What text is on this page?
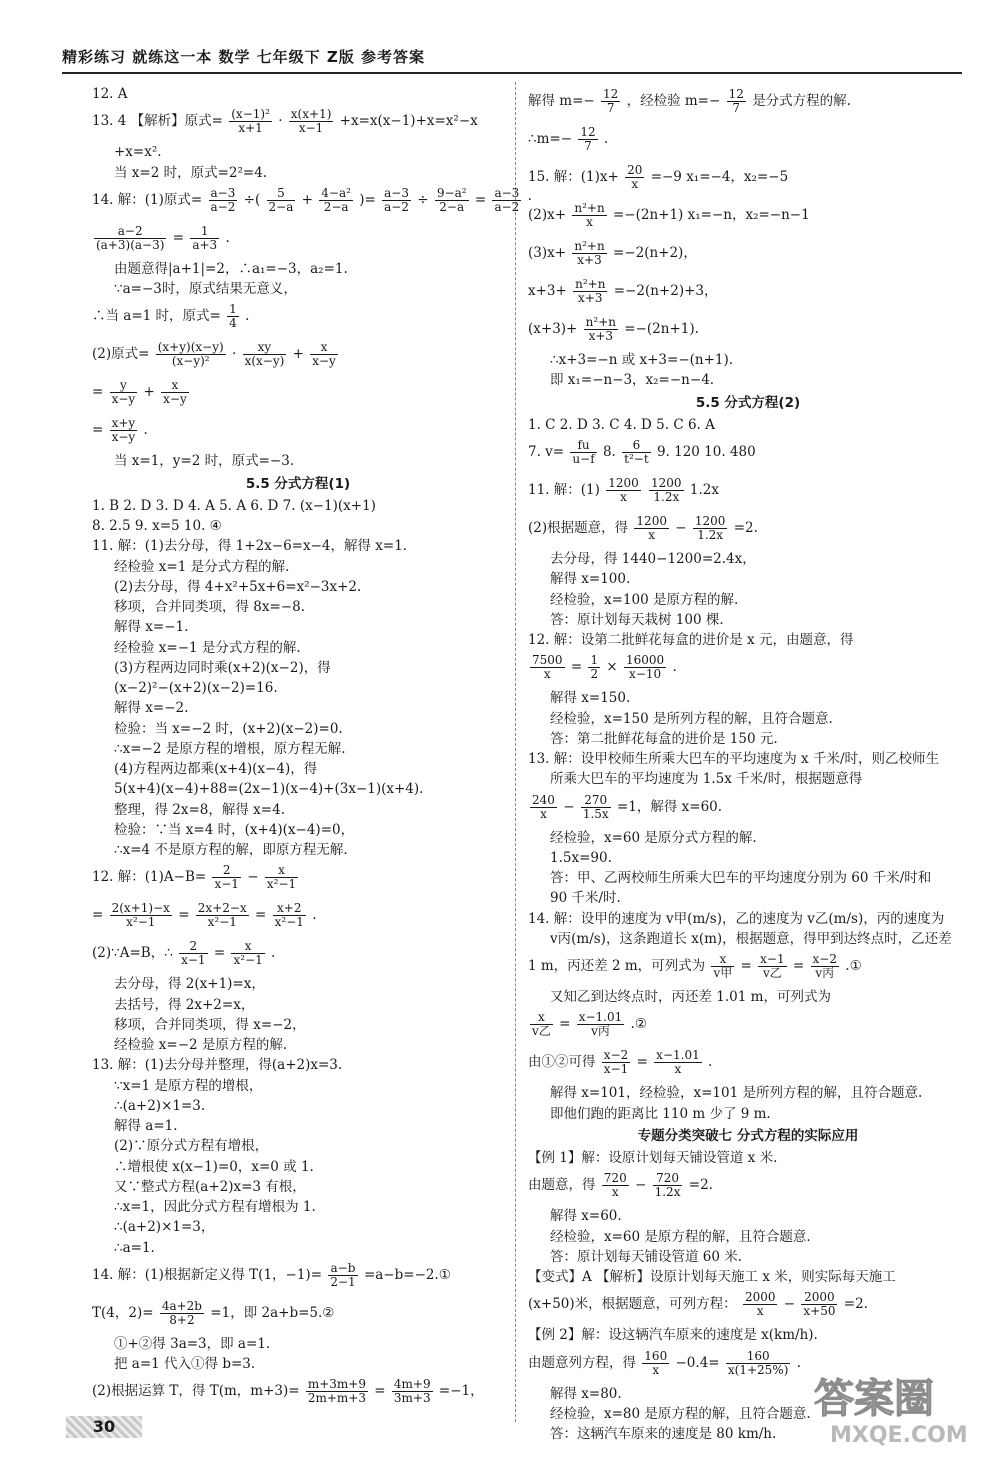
精彩练习 就练这一本 数学 七年级下 Z版 参考答案
12. A
13. 4 【解析】原式= $\frac{\text{(x−1)²}}{x+1} \cdot \frac{x(x+1)}{x-1} +x=x(x-1)+x=x^2-x$
+x=x².
当 x=2 时，原式=2²=4.
14. 解：(1)原式= $\frac{a-3}{a-2}$ ÷( $\frac{5}{2-a} + \frac{\text{4−a²}}{2-a}$ )= $\frac{a-3}{a-2} \div \frac{\text{9−a²}}{2-a} = \frac{a-3}{a-2}$ ·
$\frac{a-2}{(a+3)(a-3)} = \frac{1}{a+3}$ .
由题意得|a+1|=2，∴a₁=−3，a₂=1.
∵a=−3时，原式结果无意义，
∴当 a=1 时，原式= $\frac{1}{4}$ .
(2)原式= $\frac{(x+y)(x-y)}{\text{(x−y)²}} \cdot \frac{xy}{x(x-y)} + \frac{x}{x-y}$
= $\frac{y}{x-y} + \frac{x}{x-y}$
= $\frac{x+y}{x-y}$ .
当 x=1，y=2 时，原式=−3.
5.5 分式方程(1)
1. B 2. D 3. D 4. A 5. A 6. D 7. (x−1)(x+1)
8. 2.5 9. x=5 10. ④
11. 解：(1)去分母，得 1+2x−6=x−4，解得 x=1.
经检验 x=1 是分式方程的解.
(2)去分母，得 4+x²+5x+6=x²−3x+2.
移项，合并同类项，得 8x=−8.
解得 x=−1.
经检验 x=−1 是分式方程的解.
(3)方程两边同时乘(x+2)(x−2)，得
(x−2)²−(x+2)(x−2)=16.
解得 x=−2.
检验：当 x=−2 时，(x+2)(x−2)=0.
∴x=−2 是原方程的增根，原方程无解.
(4)方程两边都乘(x+4)(x−4)，得
5(x+4)(x−4)+88=(2x−1)(x−4)+(3x−1)(x+4).
整理，得 2x=8，解得 x=4.
检验：∵当 x=4 时，(x+4)(x−4)=0，
∴x=4 不是原方程的解，即原方程无解.
12. 解：$(1)A-B= \frac{2}{x-1} - \frac{x}{\text{x²−1}}$
= $\frac{2(x+1)-x}{\text{x²−1}} = \frac{2x+2-x}{\text{x²−1}} = \frac{x+2}{\text{x²−1}}$ .
(2)∵A=B，∴ $\frac{2}{x-1} = \frac{x}{\text{x²−1}}$ .
去分母，得 2(x+1)=x，
去括号，得 2x+2=x，
移项，合并同类项，得 x=−2，
经检验 x=−2 是原方程的解.
13. 解：(1)去分母并整理，得(a+2)x=3.
∵x=1 是原方程的增根，
∴(a+2)×1=3.
解得 a=1.
(2)∵原分式方程有增根，
∴增根使 x(x−1)=0，x=0 或 1.
又∵整式方程(a+2)x=3 有根，
∴x=1，因此分式方程有增根为 1.
∴(a+2)×1=3，
∴a=1.
14. 解：(1)根据新定义得 T(1，$-1)= \frac{a-b}{2-1}$ =a−b=−2.①
T(4，$2)= \frac{4a+2b}{8+2} =1$，即 2a+b=5.②
①+②得 3a=3，即 a=1.
把 a=1 代入①得 b=3.
(2)根据运算 T，得 T(m，$m+3)= \frac{m+3m+9}{2m+m+3} = \frac{4m+9}{3m+3} =-1$，
解得 $m=- \frac{12}{7}$ ，经检验 $m=- \frac{12}{7}$ 是分式方程的解.
∴m=− $\frac{12}{7}$ .
15. 解：$(1)x+ \frac{20}{x} =-9$ x₁=−4，x₂=−5
$(2)x+ \frac{\text{n²+n}}{x} =-(2n+1)$ x₁=−n，x₂=−n−1
$(3)x+ \frac{\text{n²+n}}{x+3} =-2(n+2)$，
$x+3+ \frac{\text{n²+n}}{x+3} =-2(n+2)+3$，
$(x+3)+ \frac{\text{n²+n}}{x+3} =-(2n+1)$.
∴x+3=−n 或 x+3=−(n+1).
即 x₁=−n−3，x₂=−n−4.
5.5 分式方程(2)
1. C 2. D 3. C 4. D 5. C 6. A
7. $v= \frac{fu}{u-f} 8$. $\frac{6}{\text{t²−t}} 9$. 120 10. 480
11. 解：$(1) \frac{1200}{x}$
$\frac{1200}{1.2x} 1.2x$
(2)根据题意，得 $\frac{1200}{x} - \frac{1200}{1.2x} =2$.
去分母，得 1440−1200=2.4x，
解得 x=100.
经检验，x=100 是原方程的解.
答：原计划每天栽树 100 棵.
12. 解：设第二批鲜花每盒的进价是 x 元，由题意，得
$\frac{7500}{x} = \frac{1}{2} \times \frac{16000}{x-10}$ .
解得 x=150.
经检验，x=150 是所列方程的解，且符合题意.
答：第二批鲜花每盒的进价是 150 元.
13. 解：设甲校师生所乘大巴车的平均速度为 x 千米/时，则乙校师生
所乘大巴车的平均速度为 1.5x 千米/时，根据题意得
$\frac{240}{x} - \frac{270}{1.5x} =1$，解得 x=60.
经检验，x=60 是原分式方程的解.
1.5x=90.
答：甲、乙两校师生所乘大巴车的平均速度分别为 60 千米/时和
90 千米/时.
14. 解：设甲的速度为 v甲(m/s)，乙的速度为 v乙(m/s)，丙的速度为
v丙(m/s)，这条跑道长 x(m)，根据题意，得甲到达终点时，乙还差
1 m，丙还差 2 m，可列式为 $\frac{x}{\text{v甲}} = \frac{x-1}{\text{v乙}} = \frac{x-2}{\text{v丙}}$ .①
又知乙到达终点时，丙还差 1.01 m，可列式为
$\frac{x}{\text{v乙}} = \frac{x-1.01}{\text{v丙}}$ .②
由①②可得 $\frac{x-2}{x-1} = \frac{x-1.01}{x}$ .
解得 x=101，经检验，x=101 是所列方程的解，且符合题意.
即他们跑的距离比 110 m 少了 9 m.
专题分类突破七 分式方程的实际应用
【例 1】解：设原计划每天铺设管道 x 米.
由题意，得 $\frac{720}{x} - \frac{720}{1.2x} =2$.
解得 x=60.
经检验，x=60 是原方程的解，且符合题意.
答：原计划每天铺设管道 60 米.
【变式】A 【解析】设原计划每天施工 x 米，则实际每天施工
(x+50)米，根据题意，可列方程： $\frac{2000}{x} - \frac{2000}{x+50} =2$.
【例 2】解：设这辆汽车原来的速度是 x(km/h).
由题意列方程，得 $\frac{160}{x} -0.4= \frac{160}{x(1+25\%)}$ .
解得 x=80.
经检验，x=80 是原方程的解，且符合题意.
答：这辆汽车原来的速度是 80 km/h.
30
答案圈
MXQE.COM
